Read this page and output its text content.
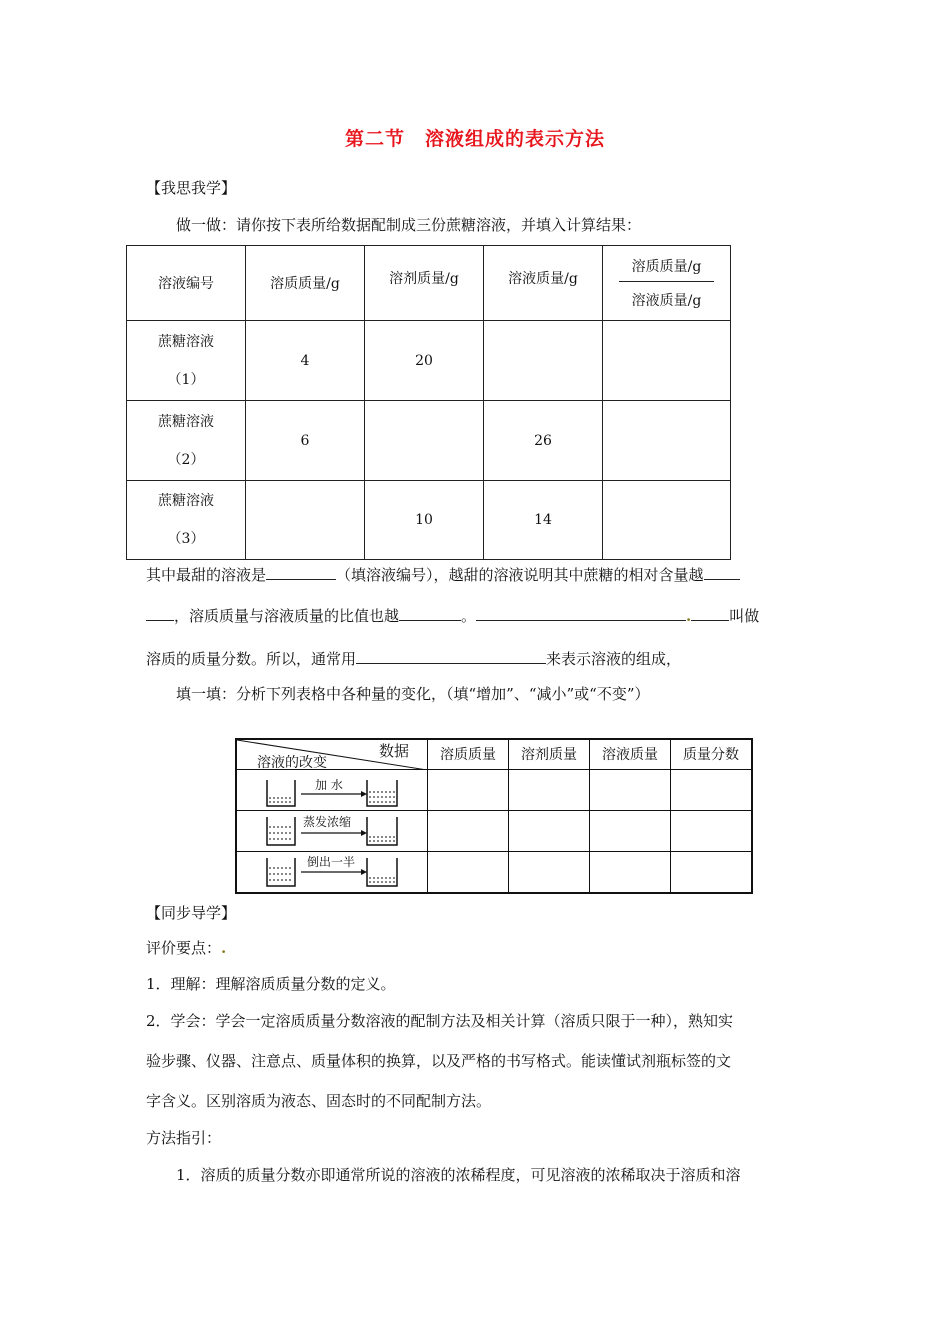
第二节　溶液组成的表示方法
【我思我学】
做一做：请你按下表所给数据配制成三份蔗糖溶液，并填入计算结果：
溶液编号	溶质质量/g	溶剂质量/g	溶液质量/g	溶质质量/g
溶液质量/g

蔗糖溶液
（1）	4	20		
蔗糖溶液
（2）	6		26	
蔗糖溶液
（3）		10	14	
其中最甜的溶液是	（填溶液编号），越甜的溶液说明其中蔗糖的相对含量越
，溶质质量与溶液质量的比值也越	。	.	叫做
溶质的质量分数。所以，通常用	来表示溶液的组成，
填一填：分析下列表格中各种量的变化，（填“增加”、“减小”或“不变”）
数据
溶液的改变	溶质质量	溶剂质量	溶液质量	质量分数

加 水				

蒸发浓缩				

倒出一半				

【同步导学】
评价要点：.
1．理解：理解溶质质量分数的定义。
2．学会：学会一定溶质质量分数溶液的配制方法及相关计算（溶质只限于一种），熟知实
验步骤、仪器、注意点、质量体积的换算，以及严格的书写格式。能读懂试剂瓶标签的文
字含义。区别溶质为液态、固态时的不同配制方法。
方法指引：
1．溶质的质量分数亦即通常所说的溶液的浓稀程度，可见溶液的浓稀取决于溶质和溶
